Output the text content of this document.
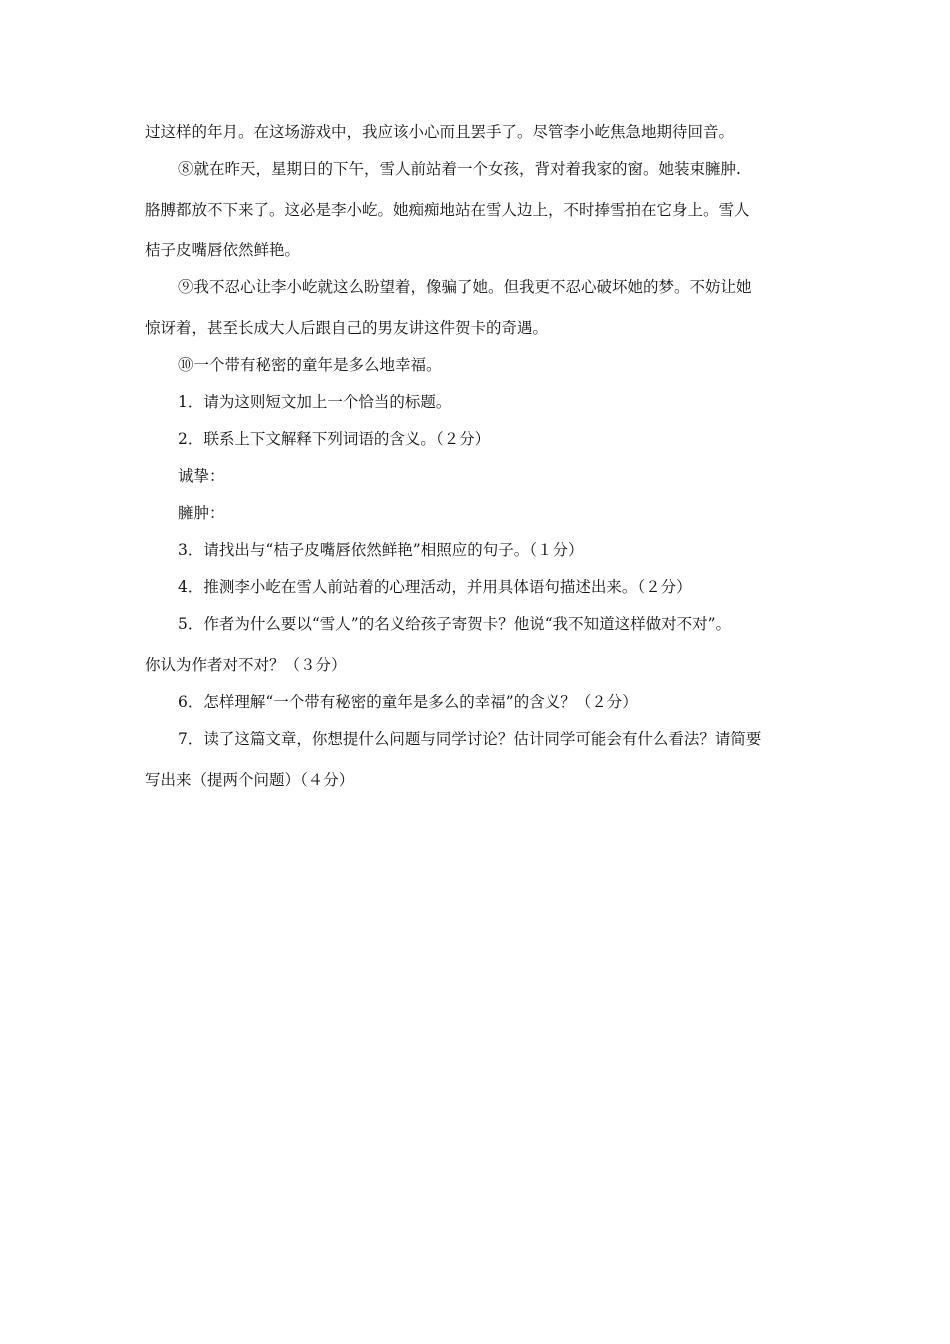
过这样的年月。在这场游戏中，我应该小心而且罢手了。尽管李小屹焦急地期待回音。

⑧就在昨天，星期日的下午，雪人前站着一个女孩，背对着我家的窗。她装束臃肿.

胳膊都放不下来了。这必是李小屹。她痴痴地站在雪人边上，不时捧雪拍在它身上。雪人

桔子皮嘴唇依然鲜艳。

⑨我不忍心让李小屹就这么盼望着，像骗了她。但我更不忍心破坏她的梦。不妨让她

惊讶着，甚至长成大人后跟自己的男友讲这件贺卡的奇遇。

⑩一个带有秘密的童年是多么地幸福。

1．请为这则短文加上一个恰当的标题。

2．联系上下文解释下列词语的含义。（２分）

诚挚：

臃肿：

3．请找出与“桔子皮嘴唇依然鲜艳”相照应的句子。（１分）

4．推测李小屹在雪人前站着的心理活动，并用具体语句描述出来。（２分）

5．作者为什么要以“雪人”的名义给孩子寄贺卡？他说“我不知道这样做对不对”。

你认为作者对不对？（３分）

6．怎样理解“一个带有秘密的童年是多么的幸福”的含义？（２分）

7．读了这篇文章，你想提什么问题与同学讨论？估计同学可能会有什么看法？请简要

写出来（提两个问题）（４分）
